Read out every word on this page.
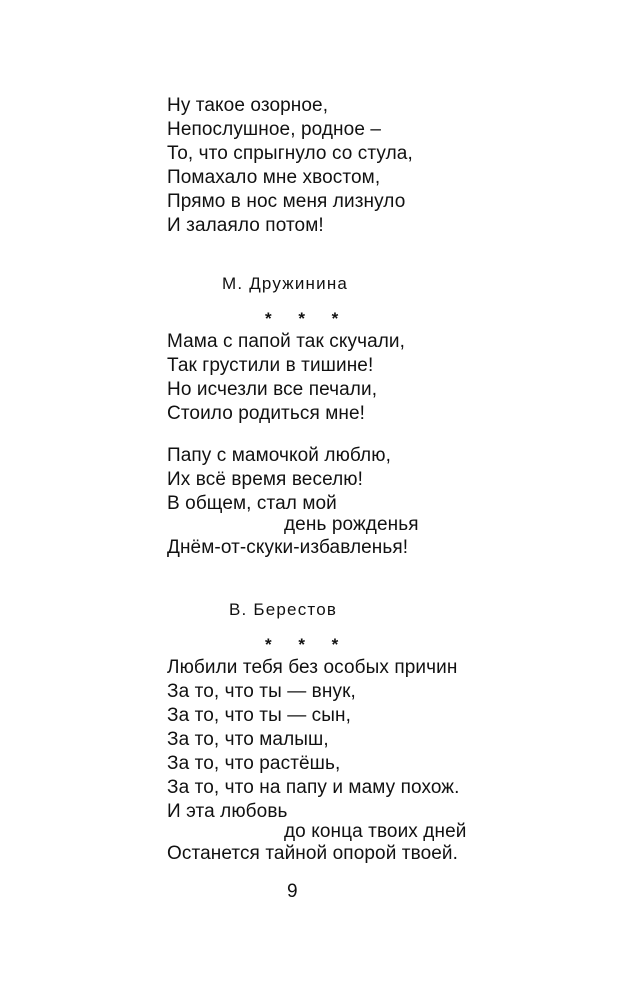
Ну такое озорное,
Непослушное, родное –
То, что спрыгнуло со стула,
Помахало мне хвостом,
Прямо в нос меня лизнуло
И залаяло потом!
М. Дружинина
* * *
Мама с папой так скучали,
Так грустили в тишине!
Но исчезли все печали,
Стоило родиться мне!
Папу с мамочкой люблю,
Их всё время веселю!
В общем, стал мой
день рожденья
Днём-от-скуки-избавленья!
В. Берестов
* * *
Любили тебя без особых причин
За то, что ты — внук,
За то, что ты — сын,
За то, что малыш,
За то, что растёшь,
За то, что на папу и маму похож.
И эта любовь
до конца твоих дней
Останется тайной опорой твоей.
9
